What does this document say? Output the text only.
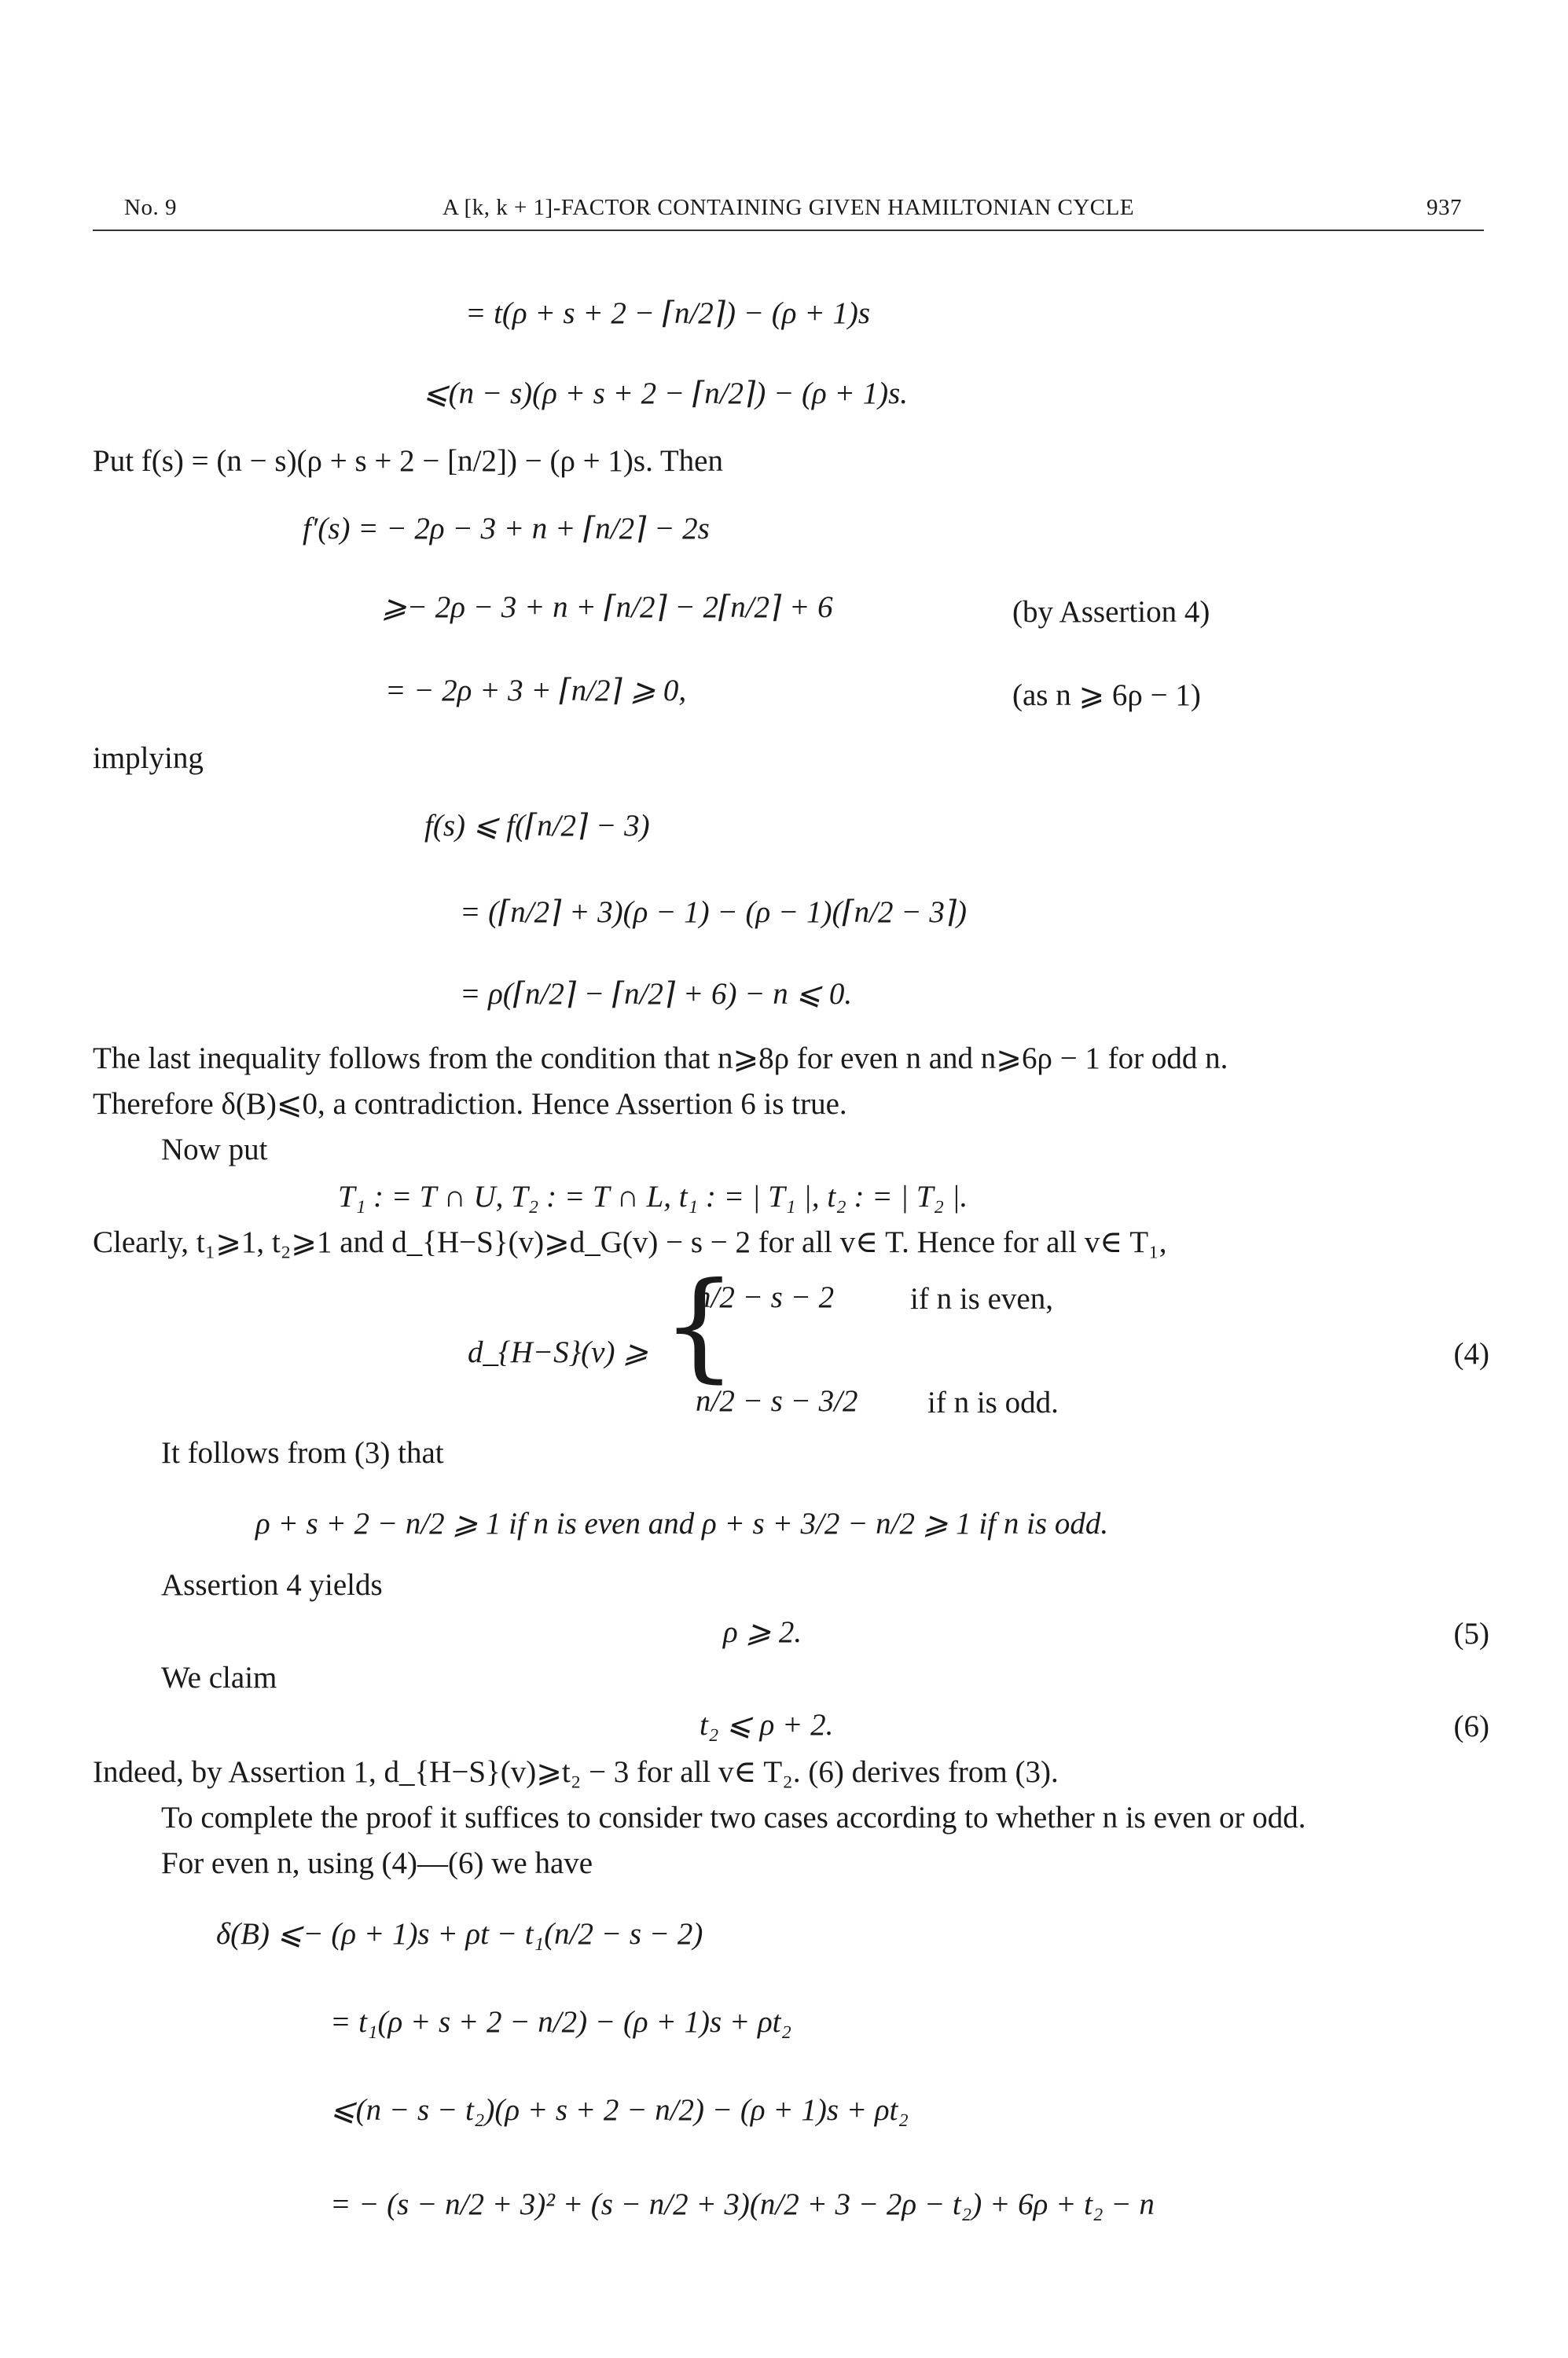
No. 9	A [k, k + 1]-FACTOR CONTAINING GIVEN HAMILTONIAN CYCLE	937
= t(ρ + s + 2 − ⌈n/2⌉) − (ρ + 1)s
⩽(n − s)(ρ + s + 2 − ⌈n/2⌉) − (ρ + 1)s.
Put f(s) = (n − s)(ρ + s + 2 − [n/2]) − (ρ + 1)s. Then
f′(s) = − 2ρ − 3 + n + ⌈n/2⌉ − 2s
⩾− 2ρ − 3 + n + ⌈n/2⌉ − 2⌈n/2⌉ + 6	(by Assertion 4)
= − 2ρ + 3 + ⌈n/2⌉ ⩾ 0,	(as n ⩾ 6ρ − 1)
implying
f(s) ⩽ f(⌈n/2⌉ − 3)
= (⌈n/2⌉ + 3)(ρ − 1) − (ρ − 1)(⌈n/2 − 3⌉)
= ρ(⌈n/2⌉ − ⌈n/2⌉ + 6) − n ⩽ 0.
The last inequality follows from the condition that n⩾8ρ for even n and n⩾6ρ − 1 for odd n.
Therefore δ(B)⩽0, a contradiction. Hence Assertion 6 is true.
Now put
T₁ : = T ∩ U, T₂ : = T ∩ L, t₁ : = | T₁ |, t₂ : = | T₂ |.
Clearly, t₁⩾1, t₂⩾1 and d_{H−S}(v)⩾d_G(v) − s − 2 for all v∈ T. Hence for all v∈ T₁,
d_{H−S}(v) ⩾ {
n/2 − s − 2 if n is even,
n/2 − s − 3/2 if n is odd.
(4)
It follows from (3) that
ρ + s + 2 − n/2 ⩾ 1 if n is even and ρ + s + 3/2 − n/2 ⩾ 1 if n is odd.
Assertion 4 yields
ρ ⩾ 2.	(5)
We claim
t₂ ⩽ ρ + 2.	(6)
Indeed, by Assertion 1, d_{H−S}(v)⩾t₂ − 3 for all v∈ T₂. (6) derives from (3).
To complete the proof it suffices to consider two cases according to whether n is even or odd.
For even n, using (4)—(6) we have
δ(B) ⩽− (ρ + 1)s + ρt − t₁(n/2 − s − 2)
= t₁(ρ + s + 2 − n/2) − (ρ + 1)s + ρt₂
⩽(n − s − t₂)(ρ + s + 2 − n/2) − (ρ + 1)s + ρt₂
= − (s − n/2 + 3)² + (s − n/2 + 3)(n/2 + 3 − 2ρ − t₂) + 6ρ + t₂ − n
